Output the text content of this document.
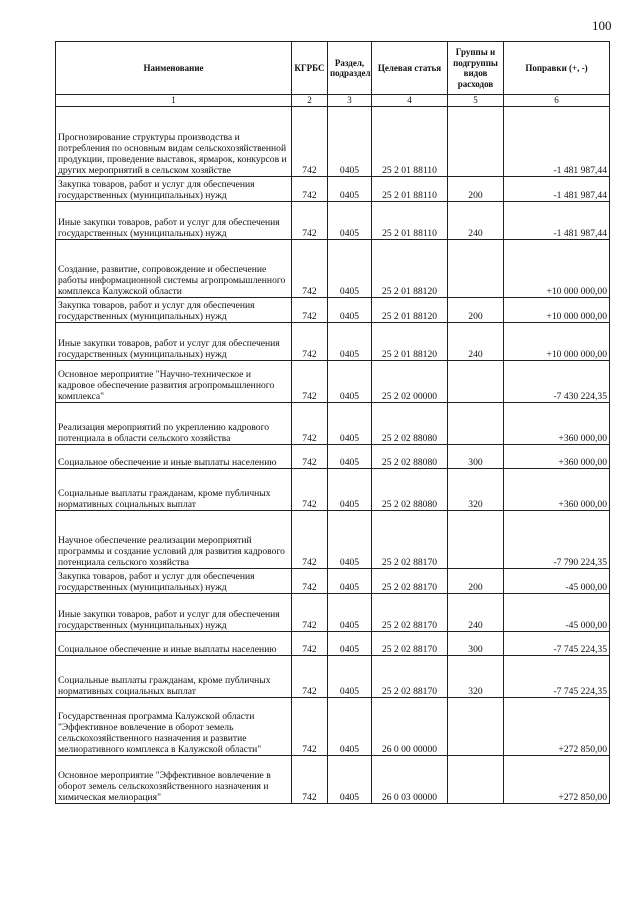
100
Наименование	КГРБС	Раздел, подраздел	Целевая статья	Группы и подгруппы видов расходов	Поправки (+, -)
1	2	3	4	5	6
Прогнозирование структуры производства и потребления по основным видам сельскохозяйственной продукции, проведение выставок, ярмарок, конкурсов и других мероприятий в сельском хозяйстве	742	0405	25 2 01 88110		-1 481 987,44
Закупка товаров, работ и услуг для обеспечения государственных (муниципальных) нужд	742	0405	25 2 01 88110	200	-1 481 987,44
Иные закупки товаров, работ и услуг для обеспечения государственных (муниципальных) нужд	742	0405	25 2 01 88110	240	-1 481 987,44
Создание, развитие, сопровождение и обеспечение работы информационной системы агропромышленного комплекса Калужской области	742	0405	25 2 01 88120		+10 000 000,00
Закупка товаров, работ и услуг для обеспечения государственных (муниципальных) нужд	742	0405	25 2 01 88120	200	+10 000 000,00
Иные закупки товаров, работ и услуг для обеспечения государственных (муниципальных) нужд	742	0405	25 2 01 88120	240	+10 000 000,00
Основное мероприятие "Научно-техническое и кадровое обеспечение развития агропромышленного комплекса"	742	0405	25 2 02 00000		-7 430 224,35
Реализация мероприятий по укреплению кадрового потенциала в области сельского хозяйства	742	0405	25 2 02 88080		+360 000,00
Социальное обеспечение и иные выплаты населению	742	0405	25 2 02 88080	300	+360 000,00
Социальные выплаты гражданам, кроме публичных нормативных социальных выплат	742	0405	25 2 02 88080	320	+360 000,00
Научное обеспечение реализации мероприятий программы и создание условий для развития кадрового потенциала сельского хозяйства	742	0405	25 2 02 88170		-7 790 224,35
Закупка товаров, работ и услуг для обеспечения государственных (муниципальных) нужд	742	0405	25 2 02 88170	200	-45 000,00
Иные закупки товаров, работ и услуг для обеспечения государственных (муниципальных) нужд	742	0405	25 2 02 88170	240	-45 000,00
Социальное обеспечение и иные выплаты населению	742	0405	25 2 02 88170	300	-7 745 224,35
Социальные выплаты гражданам, кроме публичных нормативных социальных выплат	742	0405	25 2 02 88170	320	-7 745 224,35
Государственная программа Калужской области "Эффективное вовлечение в оборот земель сельскохозяйственного назначения и развитие мелиоративного комплекса в Калужской области"	742	0405	26 0 00 00000		+272 850,00
Основное мероприятие "Эффективное вовлечение в оборот земель сельскохозяйственного назначения и химическая мелиорация"	742	0405	26 0 03 00000		+272 850,00
